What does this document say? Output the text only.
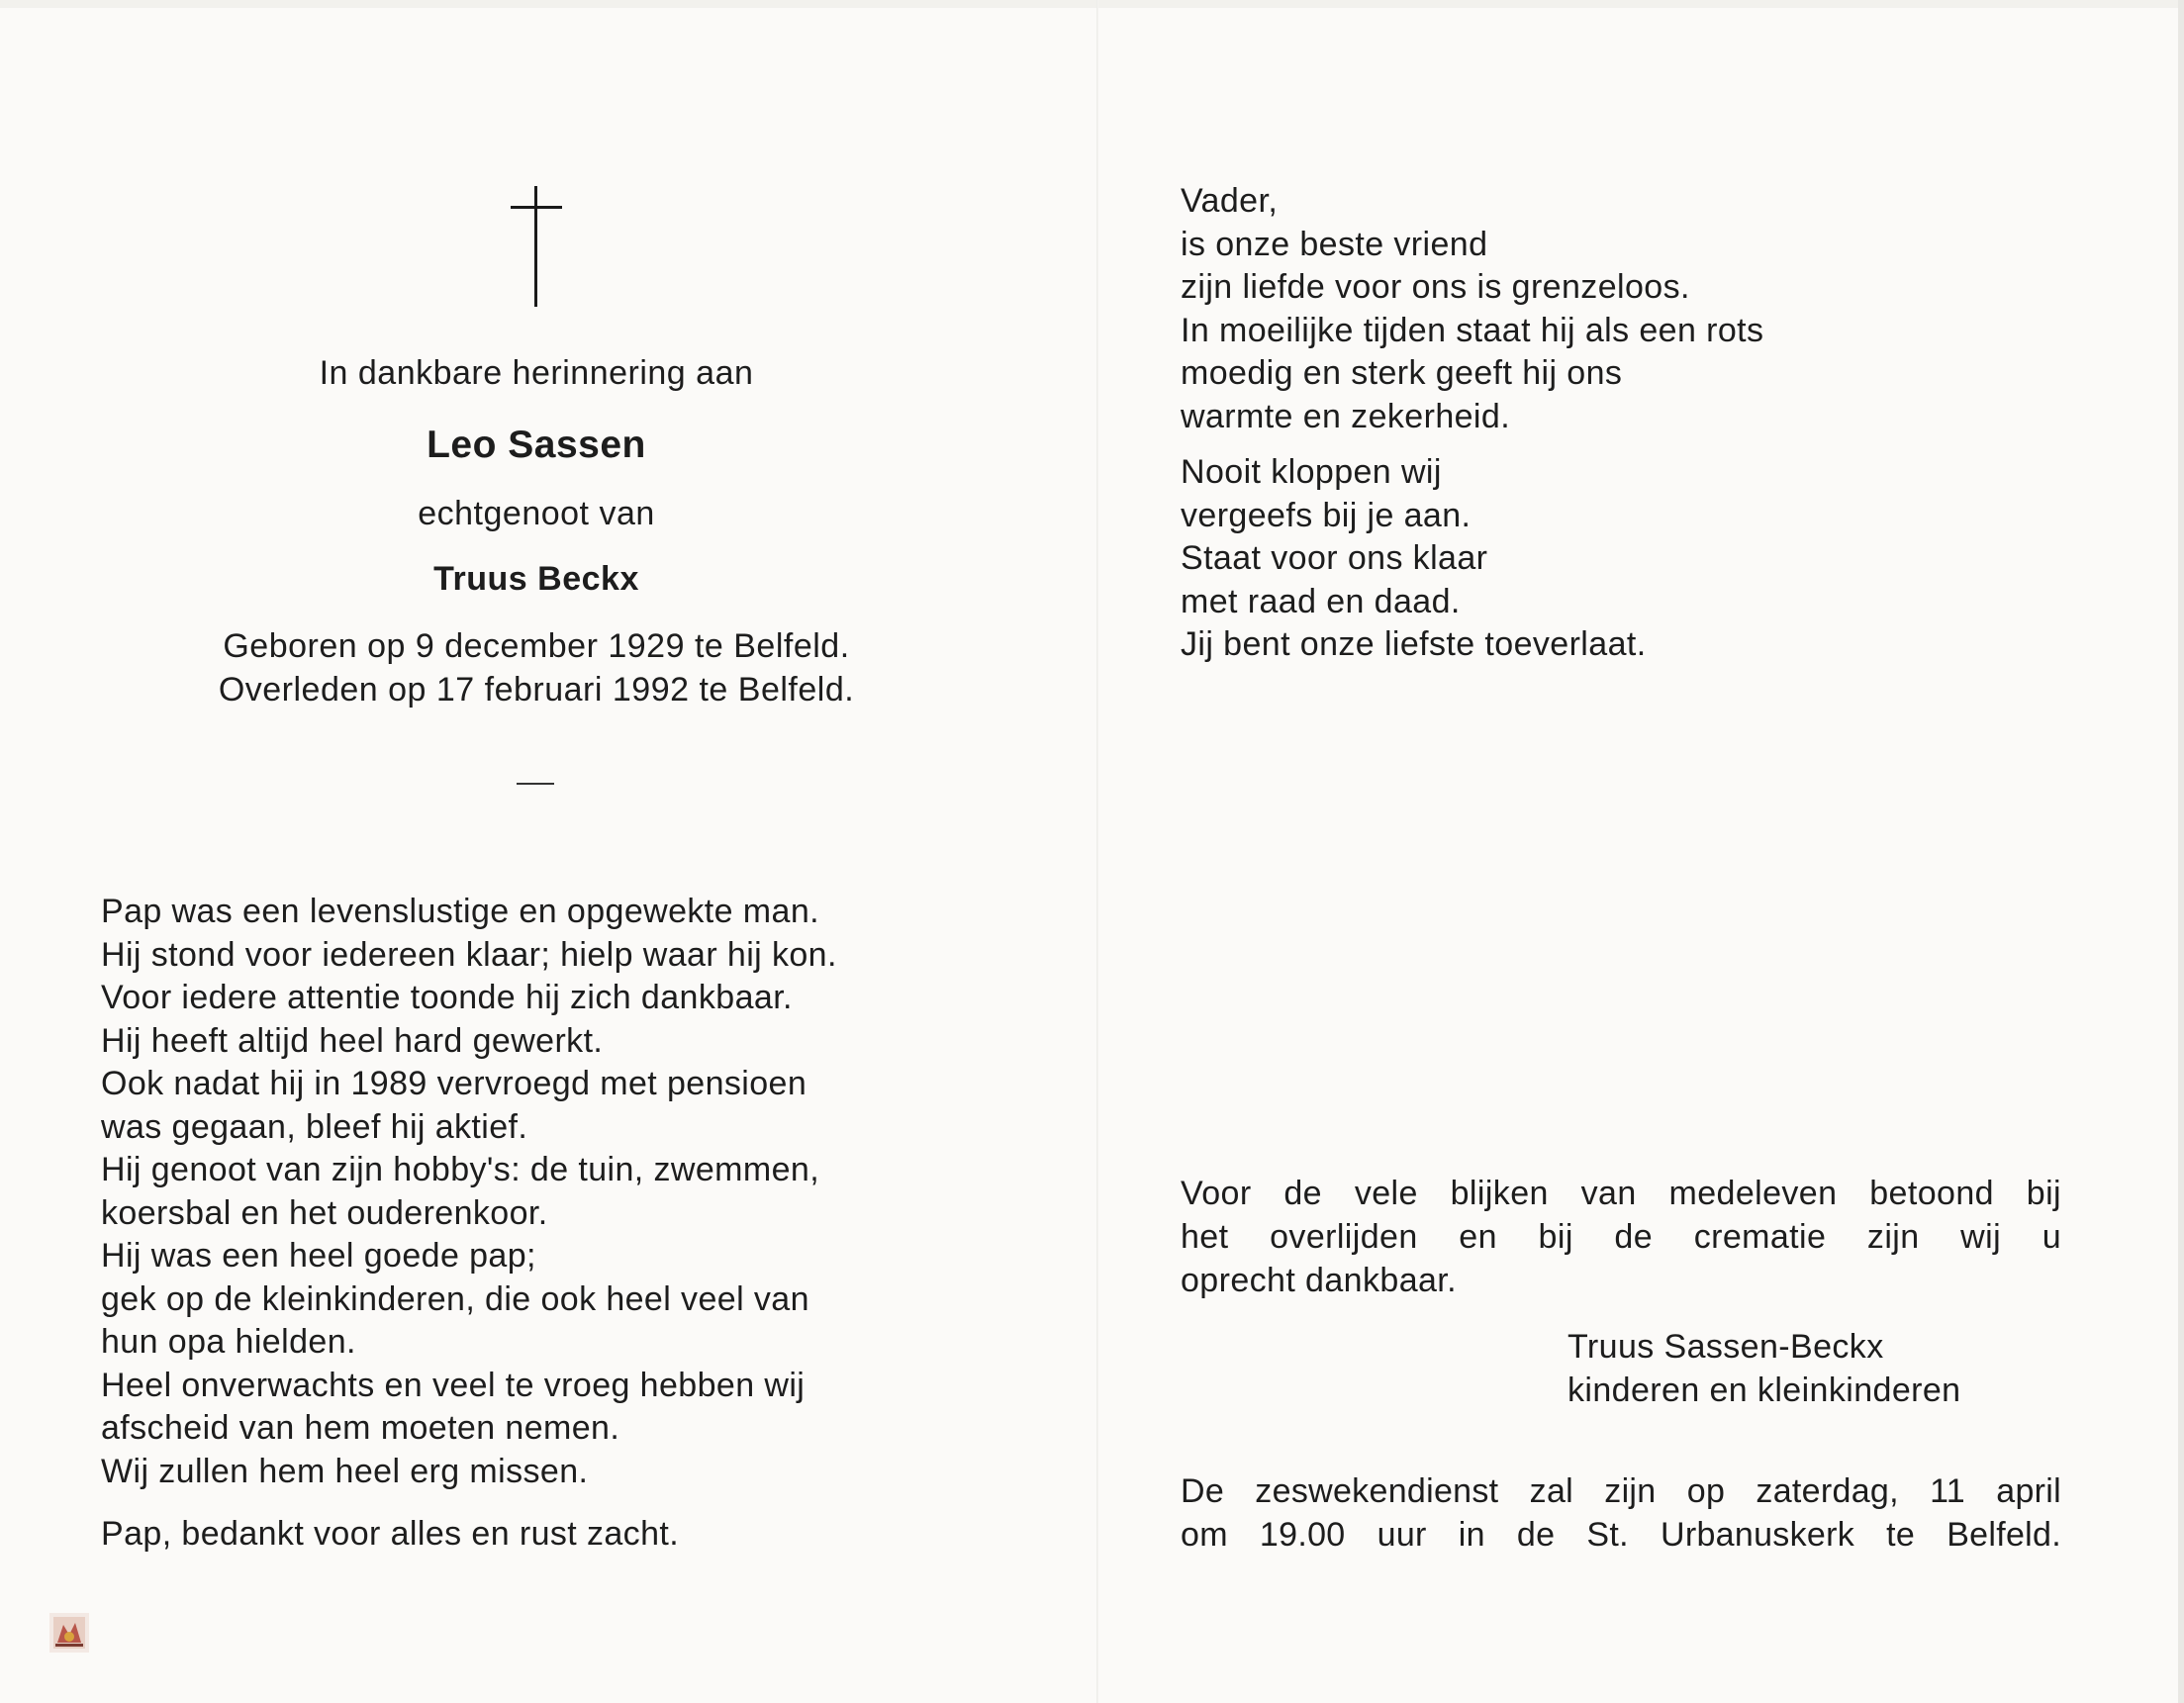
In dankbare herinnering aan
Leo Sassen
echtgenoot van
Truus Beckx
Geboren op 9 december 1929 te Belfeld.
Overleden op 17 februari 1992 te Belfeld.
Pap was een levenslustige en opgewekte man.
Hij stond voor iedereen klaar; hielp waar hij kon.
Voor iedere attentie toonde hij zich dankbaar.
Hij heeft altijd heel hard gewerkt.
Ook nadat hij in 1989 vervroegd met pensioen
was gegaan, bleef hij aktief.
Hij genoot van zijn hobby's: de tuin, zwemmen,
koersbal en het ouderenkoor.
Hij was een heel goede pap;
gek op de kleinkinderen, die ook heel veel van
hun opa hielden.
Heel onverwachts en veel te vroeg hebben wij
afscheid van hem moeten nemen.
Wij zullen hem heel erg missen.
Pap, bedankt voor alles en rust zacht.
Vader,
is onze beste vriend
zijn liefde voor ons is grenzeloos.
In moeilijke tijden staat hij als een rots
moedig en sterk geeft hij ons
warmte en zekerheid.
Nooit kloppen wij
vergeefs bij je aan.
Staat voor ons klaar
met raad en daad.
Jij bent onze liefste toeverlaat.
Voor de vele blijken van medeleven betoond bij
het overlijden en bij de crematie zijn wij u
oprecht dankbaar.
Truus Sassen-Beckx
kinderen en kleinkinderen
De zeswekendienst zal zijn op zaterdag, 11 april
om 19.00 uur in de St. Urbanuskerk te Belfeld.
